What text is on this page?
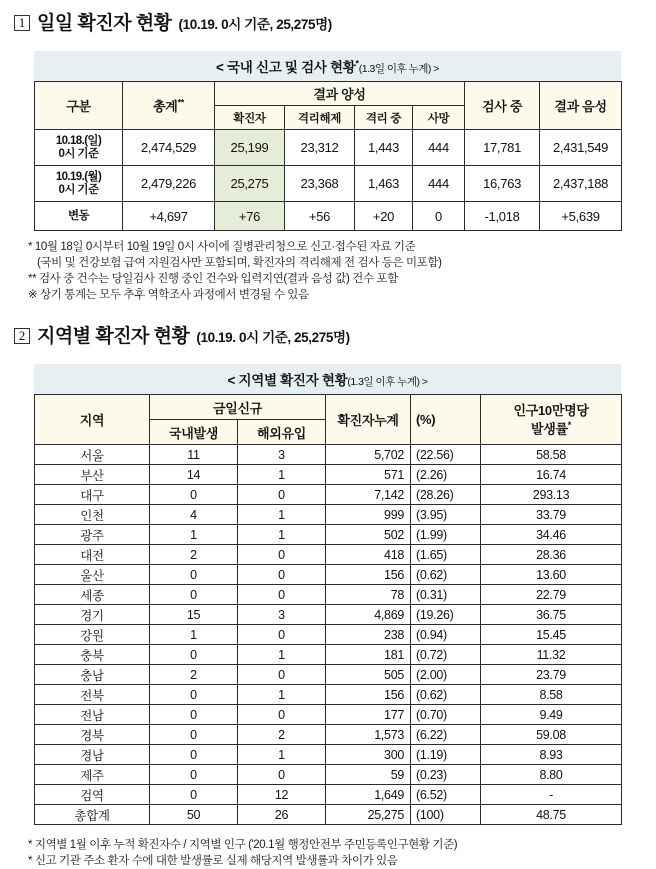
1 일일 확진자 현황 (10.19. 0시 기준, 25,275명)
< 국내 신고 및 검사 현황*(1.3일 이후 누계) >
구분	총계**	결과 양성				검사 중	결과 음성
		확진자	격리해제	격리 중	사망		
10.18.(일)
0시 기준	2,474,529	25,199	23,312	1,443	444	17,781	2,431,549
10.19.(월)
0시 기준	2,479,226	25,275	23,368	1,463	444	16,763	2,437,188
변동	+4,697	+76	+56	+20	0	-1,018	+5,639
* 10월 18일 0시부터 10월 19일 0시 사이에 질병관리청으로 신고·접수된 자료 기준
(국비 및 건강보험 급여 지원검사만 포함되며, 확진자의 격리해제 전 검사 등은 미포함)
** 검사 중 건수는 당일검사 진행 중인 건수와 입력지연(결과 음성 값) 건수 포함
※ 상기 통계는 모두 추후 역학조사 과정에서 변경될 수 있음
2 지역별 확진자 현황 (10.19. 0시 기준, 25,275명)
< 지역별 확진자 현황(1.3일 이후 누계) >
지역	금일신규		확진자누계	(%)	인구10만명당
발생률*
	국내발생	해외유입			
서울	11	3	5,702	(22.56)	58.58
부산	14	1	571	(2.26)	16.74
대구	0	0	7,142	(28.26)	293.13
인천	4	1	999	(3.95)	33.79
광주	1	1	502	(1.99)	34.46
대전	2	0	418	(1.65)	28.36
울산	0	0	156	(0.62)	13.60
세종	0	0	78	(0.31)	22.79
경기	15	3	4,869	(19.26)	36.75
강원	1	0	238	(0.94)	15.45
충북	0	1	181	(0.72)	11.32
충남	2	0	505	(2.00)	23.79
전북	0	1	156	(0.62)	8.58
전남	0	0	177	(0.70)	9.49
경북	0	2	1,573	(6.22)	59.08
경남	0	1	300	(1.19)	8.93
제주	0	0	59	(0.23)	8.80
검역	0	12	1,649	(6.52)	-
총합계	50	26	25,275	(100)	48.75
* 지역별 1월 이후 누적 확진자수 / 지역별 인구 ('20.1월 행정안전부 주민등록인구현황 기준)
* 신고 기관 주소 환자 수에 대한 발생률로 실제 해당지역 발생률과 차이가 있음
